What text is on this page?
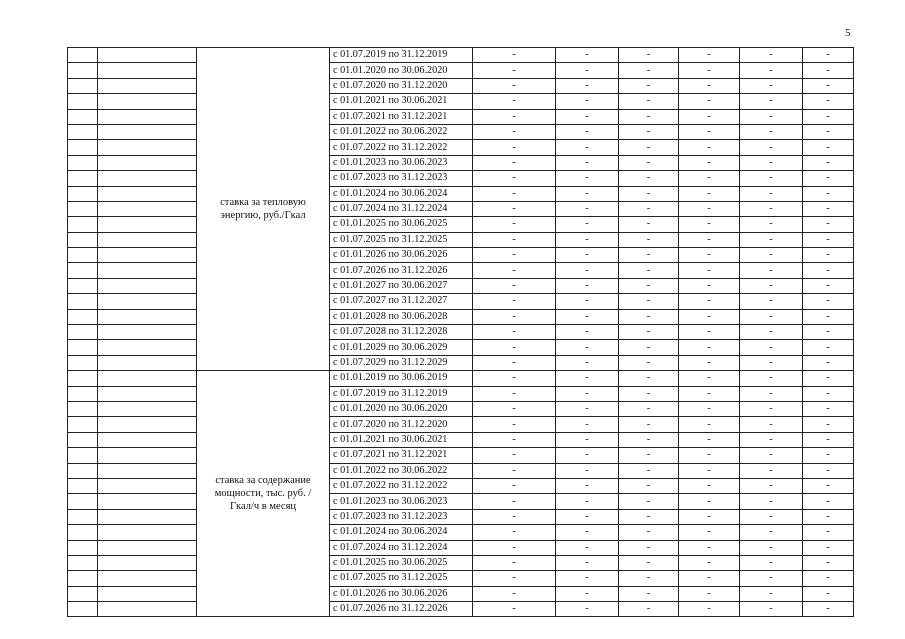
5
		ставка за тепловую энергию, руб./Гкал	с 01.07.2019 по 31.12.2019	-	-	-	-	-	-
			с 01.01.2020 по 30.06.2020	-	-	-	-	-	-
			с 01.07.2020 по 31.12.2020	-	-	-	-	-	-
			с 01.01.2021 по 30.06.2021	-	-	-	-	-	-
			с 01.07.2021 по 31.12.2021	-	-	-	-	-	-
			с 01.01.2022 по 30.06.2022	-	-	-	-	-	-
			с 01.07.2022 по 31.12.2022	-	-	-	-	-	-
			с 01.01.2023 по 30.06.2023	-	-	-	-	-	-
			с 01.07.2023 по 31.12.2023	-	-	-	-	-	-
			с 01.01.2024 по 30.06.2024	-	-	-	-	-	-
			с 01.07.2024 по 31.12.2024	-	-	-	-	-	-
			с 01.01.2025 по 30.06.2025	-	-	-	-	-	-
			с 01.07.2025 по 31.12.2025	-	-	-	-	-	-
			с 01.01.2026 по 30.06.2026	-	-	-	-	-	-
			с 01.07.2026 по 31.12.2026	-	-	-	-	-	-
			с 01.01.2027 по 30.06.2027	-	-	-	-	-	-
			с 01.07.2027 по 31.12.2027	-	-	-	-	-	-
			с 01.01.2028 по 30.06.2028	-	-	-	-	-	-
			с 01.07.2028 по 31.12.2028	-	-	-	-	-	-
			с 01.01.2029 по 30.06.2029	-	-	-	-	-	-
			с 01.07.2029 по 31.12.2029	-	-	-	-	-	-
		ставка за содержание мощности, тыс. руб. /Гкал/ч в месяц	с 01.01.2019 по 30.06.2019	-	-	-	-	-	-
			с 01.07.2019 по 31.12.2019	-	-	-	-	-	-
			с 01.01.2020 по 30.06.2020	-	-	-	-	-	-
			с 01.07.2020 по 31.12.2020	-	-	-	-	-	-
			с 01.01.2021 по 30.06.2021	-	-	-	-	-	-
			с 01.07.2021 по 31.12.2021	-	-	-	-	-	-
			с 01.01.2022 по 30.06.2022	-	-	-	-	-	-
			с 01.07.2022 по 31.12.2022	-	-	-	-	-	-
			с 01.01.2023 по 30.06.2023	-	-	-	-	-	-
			с 01.07.2023 по 31.12.2023	-	-	-	-	-	-
			с 01.01.2024 по 30.06.2024	-	-	-	-	-	-
			с 01.07.2024 по 31.12.2024	-	-	-	-	-	-
			с 01.01.2025 по 30.06.2025	-	-	-	-	-	-
			с 01.07.2025 по 31.12.2025	-	-	-	-	-	-
			с 01.01.2026 по 30.06.2026	-	-	-	-	-	-
			с 01.07.2026 по 31.12.2026	-	-	-	-	-	-
